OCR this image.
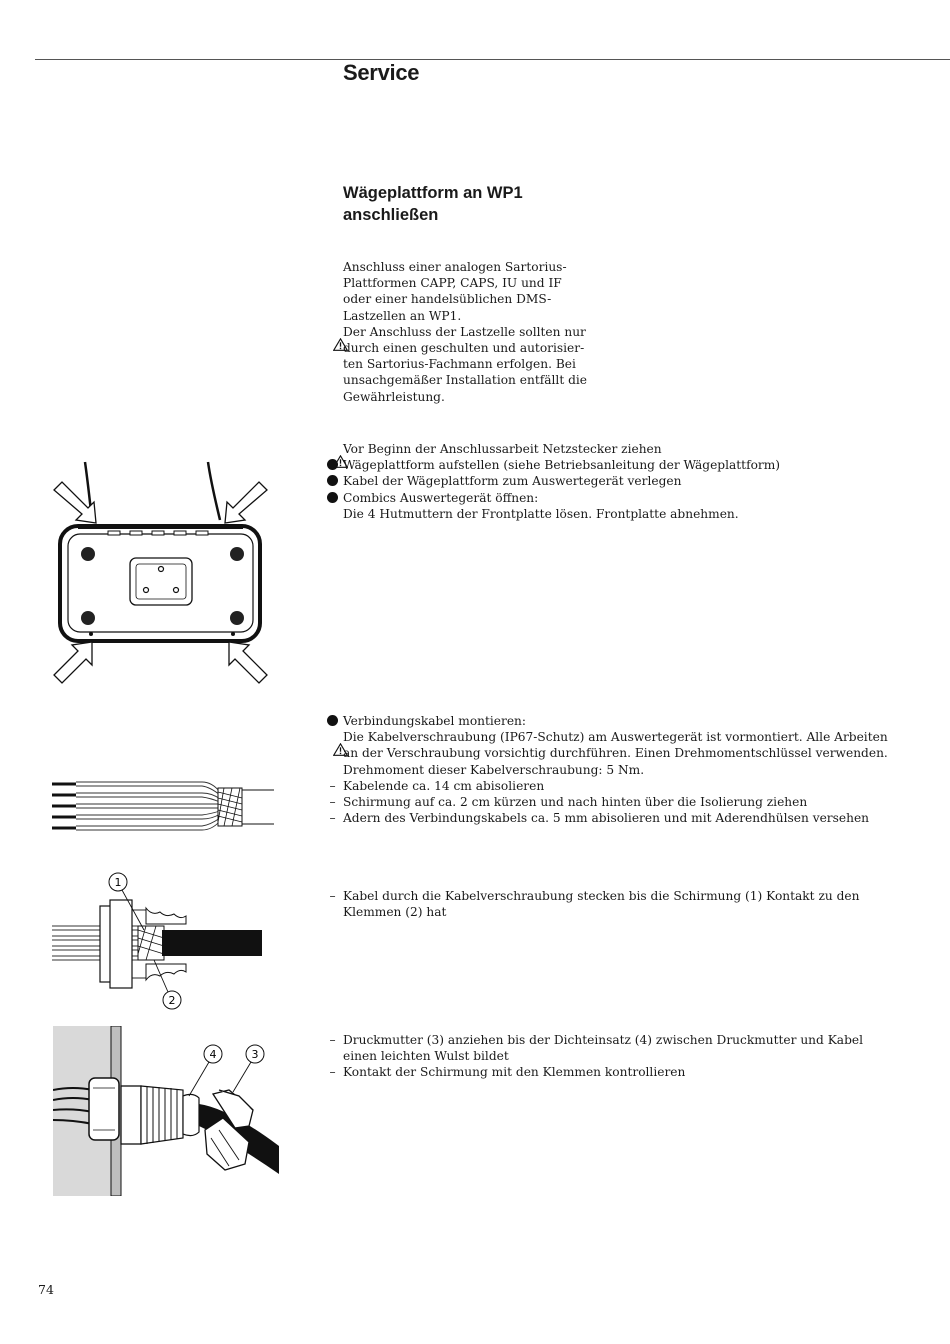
Service
Wägeplattform an WP1
anschließen
Anschluss einer analogen Sartorius-
Plattformen CAPP, CAPS, IU und IF
oder einer handelsüblichen DMS-
Lastzellen an WP1.
Der Anschluss der Lastzelle sollten nur
durch einen geschulten und autorisier-
ten Sartorius-Fachmann erfolgen. Bei
unsachgemäßer Installation entfällt die
Gewährleistung.
Vor Beginn der Anschlussarbeit Netzstecker ziehen
Wägeplattform aufstellen (siehe Betriebsanleitung der Wägeplattform)
Kabel der Wägeplattform zum Auswertegerät verlegen
Combics Auswertegerät öffnen:
Die 4 Hutmuttern der Frontplatte lösen. Frontplatte abnehmen.
Verbindungskabel montieren:
Die Kabelverschraubung (IP67-Schutz) am Auswertegerät ist vormontiert. Alle Arbeiten
an der Verschraubung vorsichtig durchführen. Einen Drehmomentschlüssel verwenden.
Drehmoment dieser Kabelverschraubung: 5 Nm.
– Kabelende ca. 14 cm abisolieren
– Schirmung auf ca. 2 cm kürzen und nach hinten über die Isolierung ziehen
– Adern des Verbindungskabels ca. 5 mm abisolieren und mit Aderendhülsen versehen
– Kabel durch die Kabelverschraubung stecken bis die Schirmung (1) Kontakt zu den
Klemmen (2) hat
1
2
– Druckmutter (3) anziehen bis der Dichteinsatz (4) zwischen Druckmutter und Kabel
einen leichten Wulst bildet
– Kontakt der Schirmung mit den Klemmen kontrollieren
4	3
74
